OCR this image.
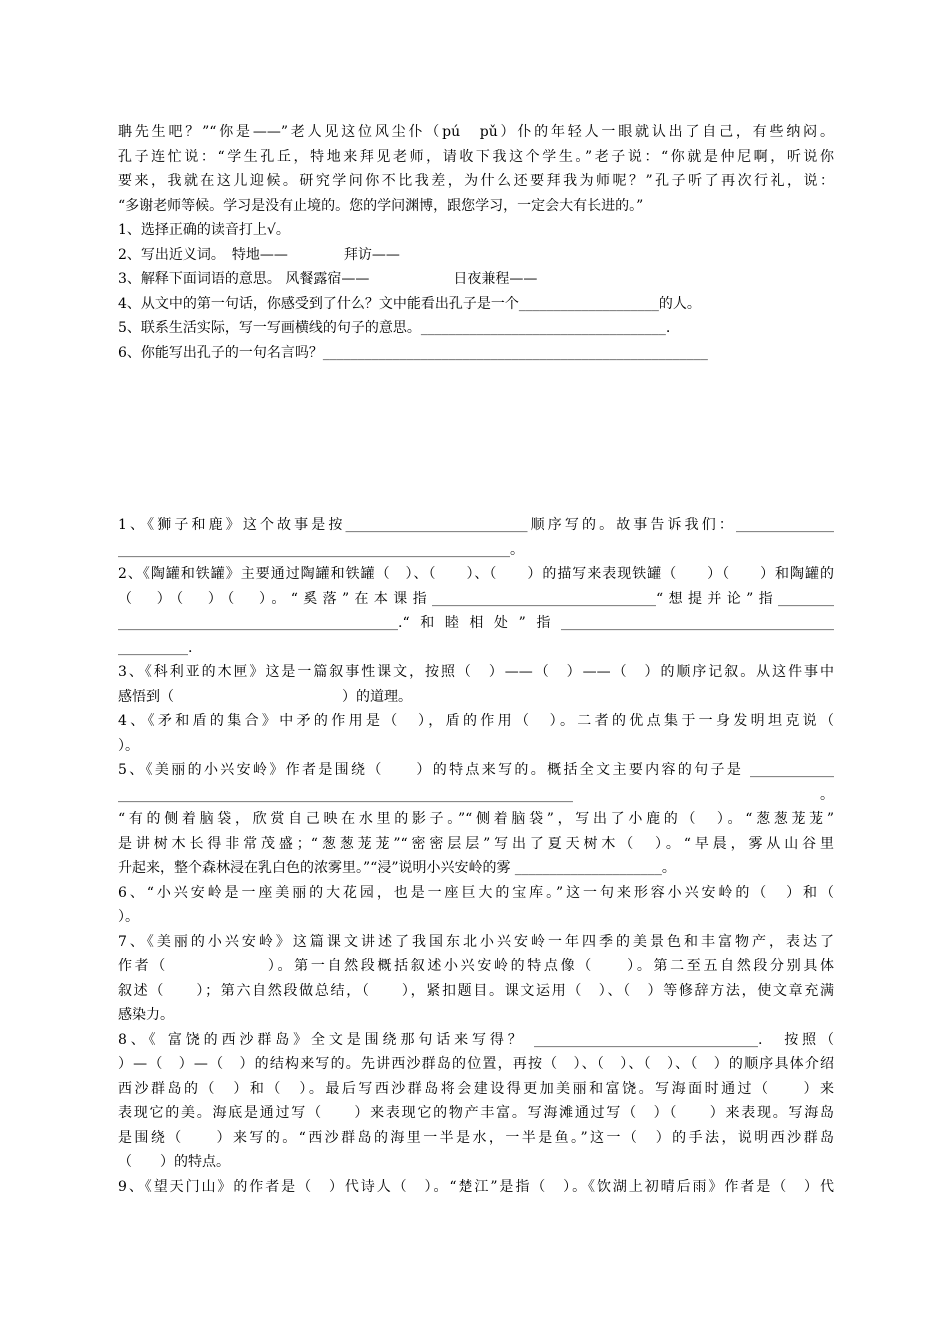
聃先生吧？”“你是——”老人见这位风尘仆（pú　pǔ）仆的年轻人一眼就认出了自己，有些纳闷。
孔子连忙说：“学生孔丘，特地来拜见老师，请收下我这个学生。”老子说：“你就是仲尼啊，听说你
要来，我就在这儿迎候。研究学问你不比我差，为什么还要拜我为师呢？”孔子听了再次行礼，说：
“多谢老师等候。学习是没有止境的。您的学问渊博，跟您学习，一定会大有长进的。”
1、选择正确的读音打上√。
2、写出近义词。　特地——　　　　拜访——
3、解释下面词语的意思。 风餐露宿——　　　　　　日夜兼程——
4、从文中的第一句话，你感受到了什么？文中能看出孔子是一个____________________的人。
5、联系生活实际，写一写画横线的句子的意思。___________________________________.
6、你能写出孔子的一句名言吗？_______________________________________________________
1、《狮子和鹿》这个故事是按__________________________顺序写的。故事告诉我们：______________
________________________________________________________。
2、《陶罐和铁罐》主要通过陶罐和铁罐（　）、（　　）、（　　）的描写来表现铁罐（　　）（　　）和陶罐的
（　）（　）（　）。“奚落”在本课指________________________________“想提并论”指________
________________________________________.“和睦相处”指_______________________________________
__________.
3、《科利亚的木匣》这是一篇叙事性课文，按照（　）——（　）——（　）的顺序记叙。从这件事中
感悟到（　　　　　　　　　　　　）的道理。
4、《矛和盾的集合》中矛的作用是（　），盾的作用（　）。二者的优点集于一身发明坦克说（
）。
5、《美丽的小兴安岭》作者是围绕（　　）的特点来写的。概括全文主要内容的句子是 ____________
_________________________________________________________________　　　　　　　　。
“有的侧着脑袋，欣赏自己映在水里的影子。”“侧着脑袋”，写出了小鹿的（　）。“葱葱茏茏”
是讲树木长得非常茂盛；“葱葱茏茏”“密密层层”写出了夏天树木（　）。“早晨，雾从山谷里
升起来，整个森林浸在乳白色的浓雾里。”“浸”说明小兴安岭的雾 _____________________。
6、“小兴安岭是一座美丽的大花园，也是一座巨大的宝库。”这一句来形容小兴安岭的（　）和（
）。
7、《美丽的小兴安岭》这篇课文讲述了我国东北小兴安岭一年四季的美景色和丰富物产，表达了
作者（　　　　　　）。第一自然段概括叙述小兴安岭的特点像（　　）。第二至五自然段分别具体
叙述（　　）；第六自然段做总结，（　　），紧扣题目。课文运用（　）、（　）等修辞方法，使文章充满
感染力。
8、《 富饶的西沙群岛》全文是围绕那句话来写得？ ________________________________.　按照（
）—（　）—（　）的结构来写的。先讲西沙群岛的位置，再按（　）、（　）、（　）、（　）的顺序具体介绍
西沙群岛的（　）和（　）。最后写西沙群岛将会建设得更加美丽和富饶。写海面时通过（　　）来
表现它的美。海底是通过写（　　）来表现它的物产丰富。写海滩通过写（　）（　　）来表现。写海岛
是围绕（　　）来写的。“西沙群岛的海里一半是水，一半是鱼。”这一（　）的手法，说明西沙群岛
（　　）的特点。
9、《望天门山》的作者是（　）代诗人（　）。“楚江”是指（　）。《饮湖上初晴后雨》作者是（　）代
